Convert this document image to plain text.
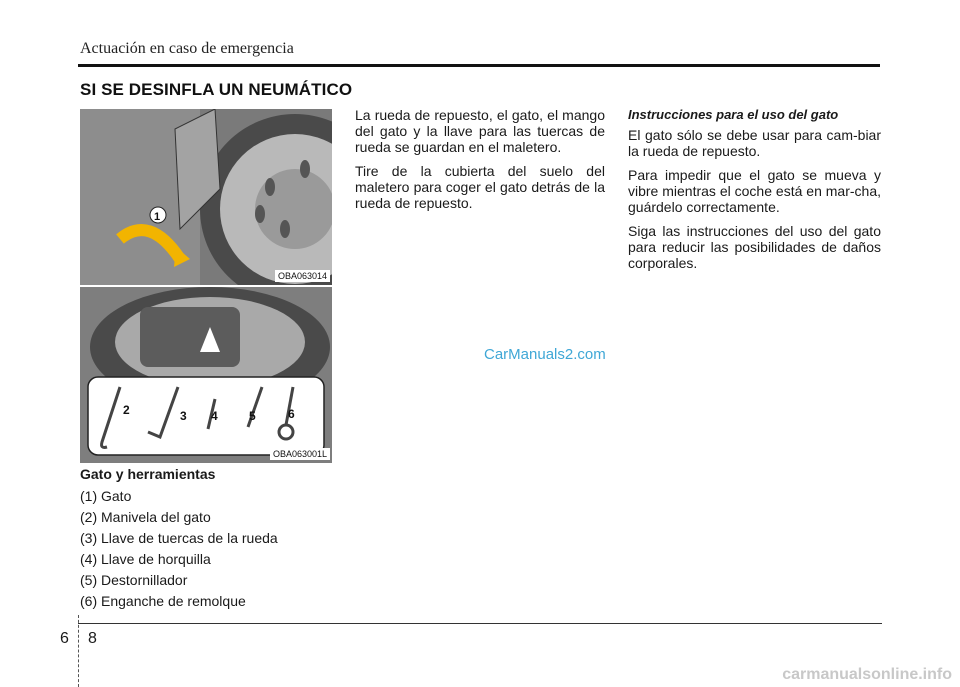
Actuación en caso de emergencia
SI SE DESINFLA UN NEUMÁTICO
1
OBA063014
2	3 4	5	6
OBA063001L
Gato y herramientas
(1) Gato
(2) Manivela del gato
(3) Llave de tuercas de la rueda
(4) Llave de horquilla
(5) Destornillador
(6) Enganche de remolque

La rueda de repuesto, el gato, el mango del gato y la llave para las tuercas de rueda se guardan en el maletero.

Tire de la cubierta del suelo del maletero para coger el gato detrás de la rueda de repuesto.

Instrucciones para el uso del gato

El gato sólo se debe usar para cam-biar la rueda de repuesto.

Para impedir que el gato se mueva y vibre mientras el coche está en mar-cha, guárdelo correctamente.

Siga las instrucciones del uso del gato para reducir las posibilidades de daños corporales.

CarManuals2.com
6 8
carmanualsonline.info
